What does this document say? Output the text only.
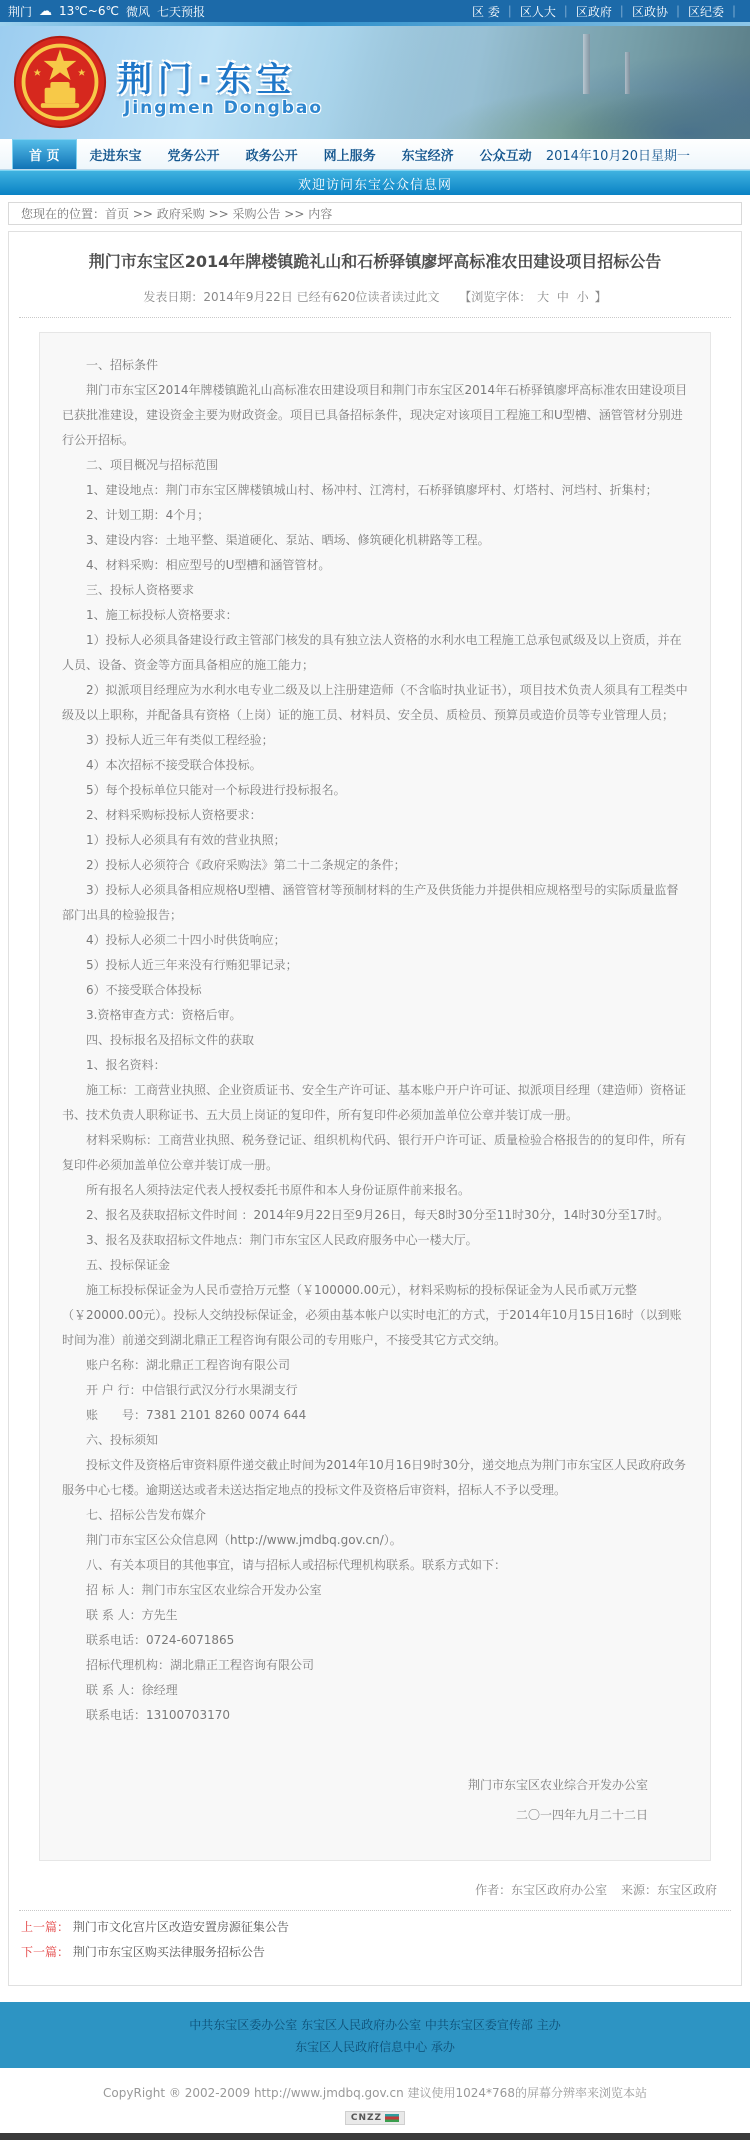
荆门 ☁ 13℃~6℃ 微风 七天预报	区 委 ｜	区人大 ｜	区政府 ｜	区政协 ｜	区纪委 ｜
荆门·东宝
Jingmen Dongbao
首 页	走进东宝	党务公开	政务公开	网上服务	东宝经济	公众互动	2014年10月20日星期一
欢迎访问东宝公众信息网
您现在的位置： 首页 >> 政府采购 >> 采购公告 >> 内容
荆门市东宝区2014年牌楼镇跪礼山和石桥驿镇廖坪高标准农田建设项目招标公告
发表日期：2014年9月22日 已经有620位读者读过此文 　 【浏览字体： 大 中 小 】
一、招标条件
荆门市东宝区2014年牌楼镇跪礼山高标准农田建设项目和荆门市东宝区2014年石桥驿镇廖坪高标准农田建设项目已获批准建设，建设资金主要为财政资金。项目已具备招标条件，现决定对该项目工程施工和U型槽、涵管管材分别进行公开招标。
二、项目概况与招标范围
1、建设地点：荆门市东宝区牌楼镇城山村、杨冲村、江湾村，石桥驿镇廖坪村、灯塔村、河垱村、折集村；
2、计划工期：4个月；
3、建设内容：土地平整、渠道硬化、泵站、晒场、修筑硬化机耕路等工程。
4、材料采购：相应型号的U型槽和涵管管材。
三、投标人资格要求
1、施工标投标人资格要求：
1）投标人必须具备建设行政主管部门核发的具有独立法人资格的水利水电工程施工总承包贰级及以上资质，并在人员、设备、资金等方面具备相应的施工能力；
2）拟派项目经理应为水利水电专业二级及以上注册建造师（不含临时执业证书），项目技术负责人须具有工程类中级及以上职称，并配备具有资格（上岗）证的施工员、材料员、安全员、质检员、预算员或造价员等专业管理人员；
3）投标人近三年有类似工程经验；
4）本次招标不接受联合体投标。
5）每个投标单位只能对一个标段进行投标报名。
2、材料采购标投标人资格要求：
1）投标人必须具有有效的营业执照；
2）投标人必须符合《政府采购法》第二十二条规定的条件；
3）投标人必须具备相应规格U型槽、涵管管材等预制材料的生产及供货能力并提供相应规格型号的实际质量监督部门出具的检验报告；
4）投标人必须二十四小时供货响应；
5）投标人近三年来没有行贿犯罪记录；
6）不接受联合体投标
3.资格审查方式：资格后审。
四、投标报名及招标文件的获取
1、报名资料：
施工标：工商营业执照、企业资质证书、安全生产许可证、基本账户开户许可证、拟派项目经理（建造师）资格证书、技术负责人职称证书、五大员上岗证的复印件，所有复印件必须加盖单位公章并装订成一册。
材料采购标：工商营业执照、税务登记证、组织机构代码、银行开户许可证、质量检验合格报告的的复印件，所有复印件必须加盖单位公章并装订成一册。
所有报名人须持法定代表人授权委托书原件和本人身份证原件前来报名。
2、报名及获取招标文件时间 ：2014年9月22日至9月26日，每天8时30分至11时30分，14时30分至17时。
3、报名及获取招标文件地点：荆门市东宝区人民政府服务中心一楼大厅。
五、投标保证金
施工标投标保证金为人民币壹拾万元整（￥100000.00元），材料采购标的投标保证金为人民币贰万元整（￥20000.00元）。投标人交纳投标保证金，必须由基本帐户以实时电汇的方式，于2014年10月15日16时（以到账时间为准）前递交到湖北鼎正工程咨询有限公司的专用账户，不接受其它方式交纳。
账户名称：湖北鼎正工程咨询有限公司
开 户 行：中信银行武汉分行水果湖支行
账　　号：7381 2101 8260 0074 644
六、投标须知
投标文件及资格后审资料原件递交截止时间为2014年10月16日9时30分，递交地点为荆门市东宝区人民政府政务服务中心七楼。逾期送达或者未送达指定地点的投标文件及资格后审资料，招标人不予以受理。
七、招标公告发布媒介
荆门市东宝区公众信息网（http://www.jmdbq.gov.cn/）。
八、有关本项目的其他事宜，请与招标人或招标代理机构联系。联系方式如下：
招 标 人：荆门市东宝区农业综合开发办公室
联 系 人：方先生
联系电话：0724-6071865
招标代理机构：湖北鼎正工程咨询有限公司
联 系 人：徐经理
联系电话：13100703170
荆门市东宝区农业综合开发办公室
二〇一四年九月二十二日
作者：东宝区政府办公室 来源：东宝区政府
上一篇： 荆门市文化宫片区改造安置房源征集公告
下一篇： 荆门市东宝区购买法律服务招标公告
中共东宝区委办公室 东宝区人民政府办公室 中共东宝区委宣传部 主办
东宝区人民政府信息中心 承办
CopyRight ® 2002-2009 http://www.jmdbq.gov.cn 建议使用1024*768的屏幕分辨率来浏览本站
CNZZ
